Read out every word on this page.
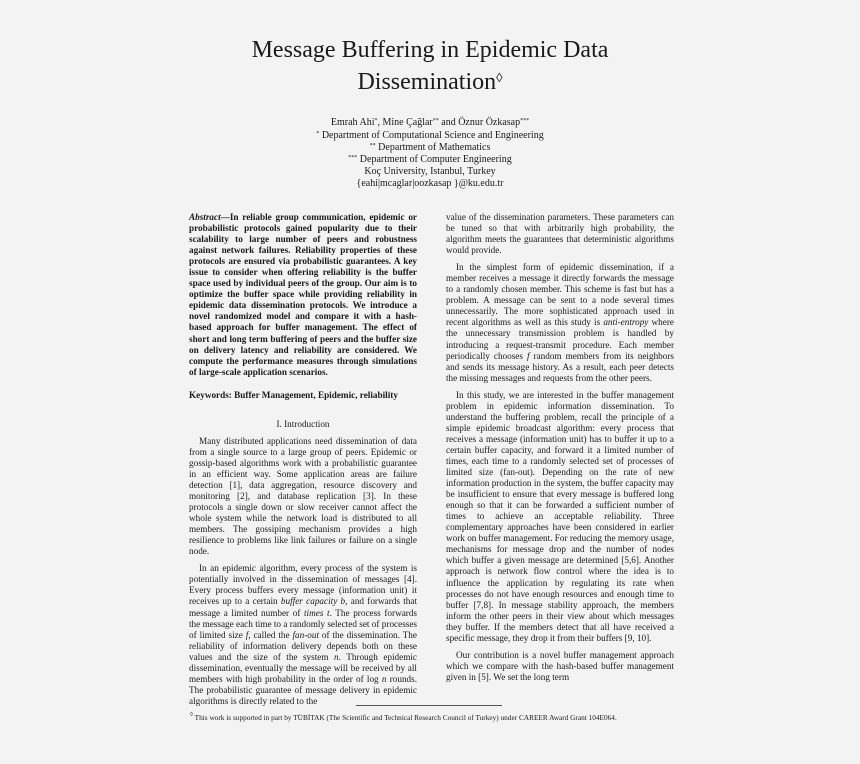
Message Buffering in Epidemic Data
Dissemination◊
Emrah Ahi*, Mine Çağlar** and Öznur Özkasap***
* Department of Computational Science and Engineering
** Department of Mathematics
*** Department of Computer Engineering
Koç University, Istanbul, Turkey
{eahi|mcaglar|oozkasap }@ku.edu.tr

Abstract—In reliable group communication, epidemic or probabilistic protocols gained popularity due to their scalability to large number of peers and robustness against network failures. Reliability properties of these protocols are ensured via probabilistic guarantees. A key issue to consider when offering reliability is the buffer space used by individual peers of the group. Our aim is to optimize the buffer space while providing reliability in epidemic data dissemination protocols. We introduce a novel randomized model and compare it with a hash-based approach for buffer management. The effect of short and long term buffering of peers and the buffer size on delivery latency and reliability are considered. We compute the performance measures through simulations of large-scale application scenarios.

Keywords: Buffer Management, Epidemic, reliability

I. Introduction

Many distributed applications need dissemination of data from a single source to a large group of peers. Epidemic or gossip-based algorithms work with a probabilistic guarantee in an efficient way. Some application areas are failure detection [1], data aggregation, resource discovery and monitoring [2], and database replication [3]. In these protocols a single down or slow receiver cannot affect the whole system while the network load is distributed to all members. The gossiping mechanism provides a high resilience to problems like link failures or failure on a single node.

In an epidemic algorithm, every process of the system is potentially involved in the dissemination of messages [4]. Every process buffers every message (information unit) it receives up to a certain buffer capacity b, and forwards that message a limited number of times t. The process forwards the message each time to a randomly selected set of processes of limited size f, called the fan-out of the dissemination. The reliability of information delivery depends both on these values and the size of the system n. Through epidemic dissemination, eventually the message will be received by all members with high probability in the order of log n rounds. The probabilistic guarantee of message delivery in epidemic algorithms is directly related to the

value of the dissemination parameters. These parameters can be tuned so that with arbitrarily high probability, the algorithm meets the guarantees that deterministic algorithms would provide.

In the simplest form of epidemic dissemination, if a member receives a message it directly forwards the message to a randomly chosen member. This scheme is fast but has a problem. A message can be sent to a node several times unnecessarily. The more sophisticated approach used in recent algorithms as well as this study is anti-entropy where the unnecessary transmission problem is handled by introducing a request-transmit procedure. Each member periodically chooses f random members from its neighbors and sends its message history. As a result, each peer detects the missing messages and requests from the other peers.

In this study, we are interested in the buffer management problem in epidemic information dissemination. To understand the buffering problem, recall the principle of a simple epidemic broadcast algorithm: every process that receives a message (information unit) has to buffer it up to a certain buffer capacity, and forward it a limited number of times, each time to a randomly selected set of processes of limited size (fan-out). Depending on the rate of new information production in the system, the buffer capacity may be insufficient to ensure that every message is buffered long enough so that it can be forwarded a sufficient number of times to achieve an acceptable reliability. Three complementary approaches have been considered in earlier work on buffer management. For reducing the memory usage, mechanisms for message drop and the number of nodes which buffer a given message are determined [5,6]. Another approach is network flow control where the idea is to influence the application by regulating its rate when processes do not have enough resources and enough time to buffer [7,8]. In message stability approach, the members inform the other peers in their view about which messages they buffer. If the members detect that all have received a specific message, they drop it from their buffers [9, 10].

Our contribution is a novel buffer management approach which we compare with the hash-based buffer management given in [5]. We set the long term

◊ This work is supported in part by TÜBİTAK (The Scientific and Technical Research Council of Turkey) under CAREER Award Grant 104E064.
